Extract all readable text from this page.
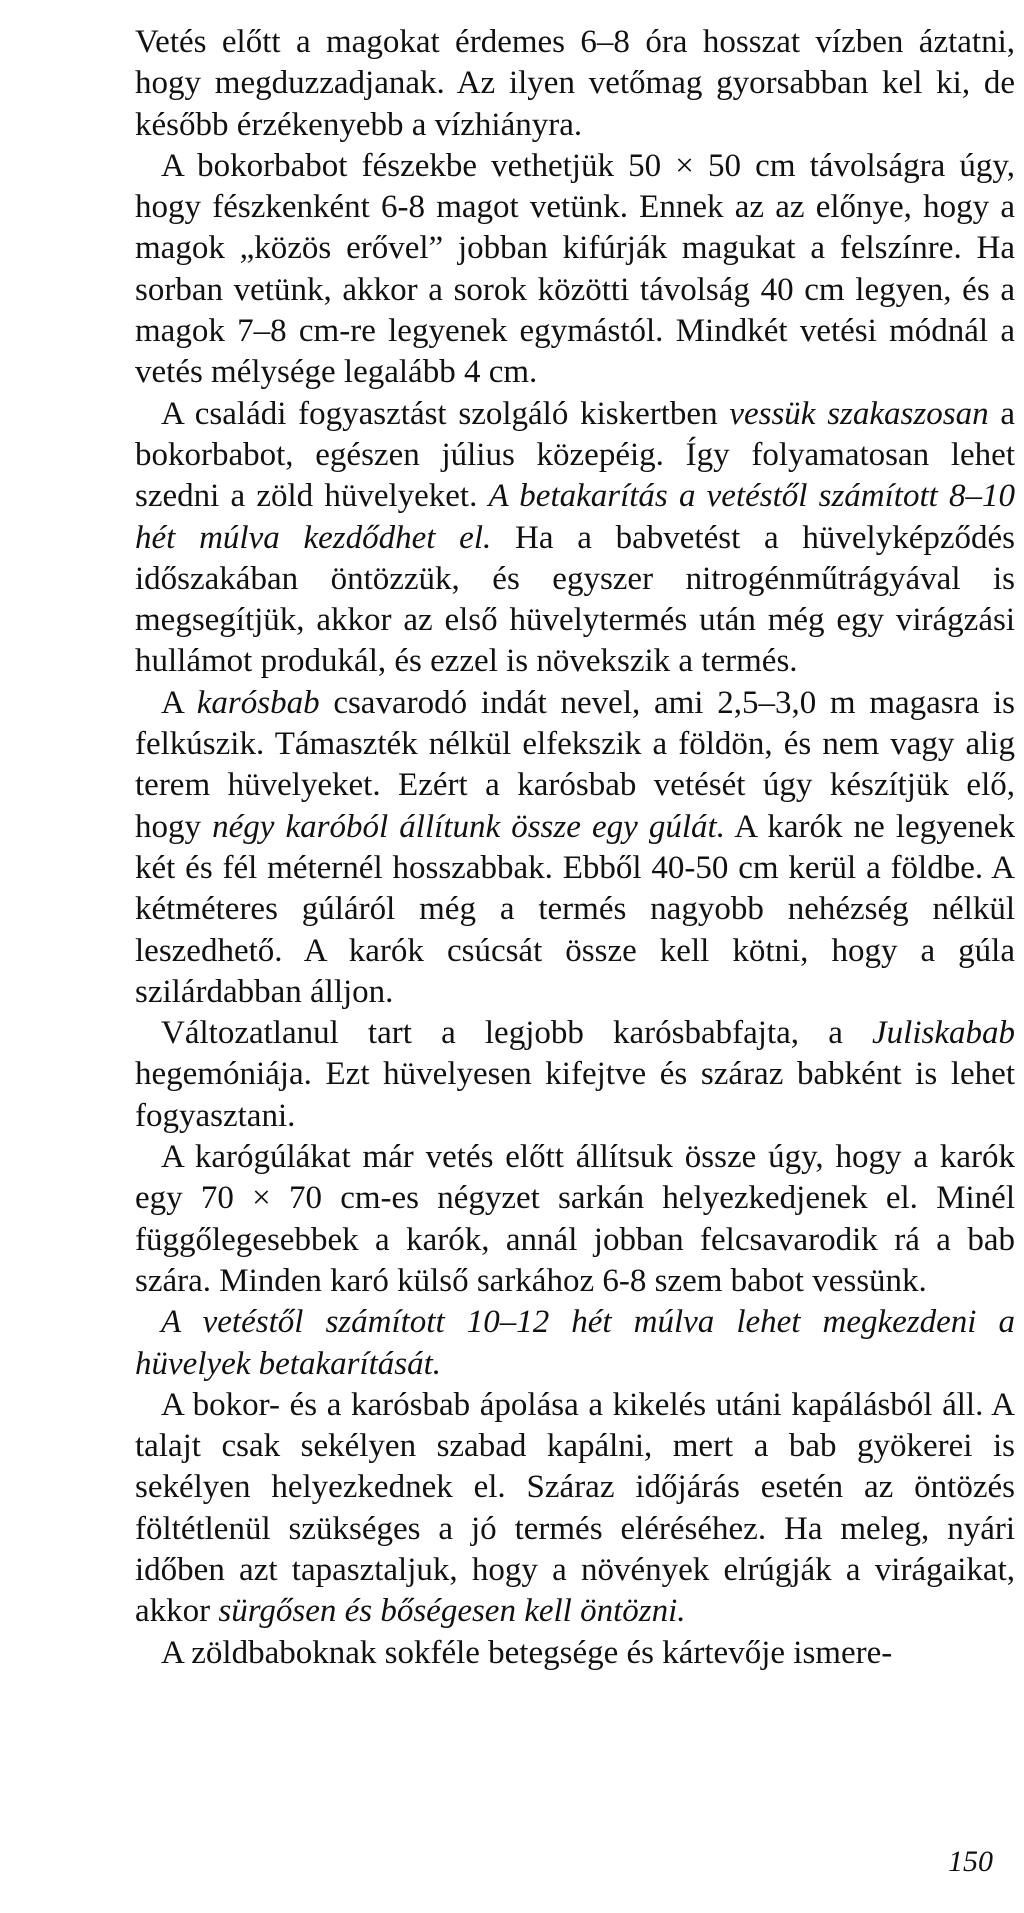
Vetés előtt a magokat érdemes 6–8 óra hosszat vízben áztatni, hogy megduzzadjanak. Az ilyen vetőmag gyorsabban kel ki, de később érzékenyebb a vízhiányra.

A bokorbabot fészekbe vethetjük 50 × 50 cm távolságra úgy, hogy fészkenként 6-8 magot vetünk. Ennek az az előnye, hogy a magok „közös erővel” jobban kifúrják magukat a felszínre. Ha sorban vetünk, akkor a sorok közötti távolság 40 cm legyen, és a magok 7–8 cm-re legyenek egymástól. Mindkét vetési módnál a vetés mélysége legalább 4 cm.

A családi fogyasztást szolgáló kiskertben vessük szakaszosan a bokorbabot, egészen július közepéig. Így folyamatosan lehet szedni a zöld hüvelyeket. A betakarítás a vetéstől számított 8–10 hét múlva kezdődhet el. Ha a babvetést a hüvelyképződés időszakában öntözzük, és egyszer nitrogénműtrágyával is megsegítjük, akkor az első hüvelytermés után még egy virágzási hullámot produkál, és ezzel is növekszik a termés.

A karósbab csavarodó indát nevel, ami 2,5–3,0 m magasra is felkúszik. Támaszték nélkül elfekszik a földön, és nem vagy alig terem hüvelyeket. Ezért a karósbab vetését úgy készítjük elő, hogy négy karóból állítunk össze egy gúlát. A karók ne legyenek két és fél méternél hosszabbak. Ebből 40-50 cm kerül a földbe. A kétméteres gúláról még a termés nagyobb nehézség nélkül leszedhető. A karók csúcsát össze kell kötni, hogy a gúla szilárdabban álljon.

Változatlanul tart a legjobb karósbabfajta, a Juliskabab hegemóniája. Ezt hüvelyesen kifejtve és száraz babként is lehet fogyasztani.

A karógúlákat már vetés előtt állítsuk össze úgy, hogy a karók egy 70 × 70 cm-es négyzet sarkán helyezkedjenek el. Minél függőlegesebbek a karók, annál jobban felcsavarodik rá a bab szára. Minden karó külső sarkához 6-8 szem babot vessünk.

A vetéstől számított 10–12 hét múlva lehet megkezdeni a hüvelyek betakarítását.

A bokor- és a karósbab ápolása a kikelés utáni kapálásból áll. A talajt csak sekélyen szabad kapálni, mert a bab gyökerei is sekélyen helyezkednek el. Száraz időjárás esetén az öntözés föltétlenül szükséges a jó termés eléréséhez. Ha meleg, nyári időben azt tapasztaljuk, hogy a növények elrúgják a virágaikat, akkor sürgősen és bőségesen kell öntözni.

A zöldbaboknak sokféle betegsége és kártevője ismere-

150
